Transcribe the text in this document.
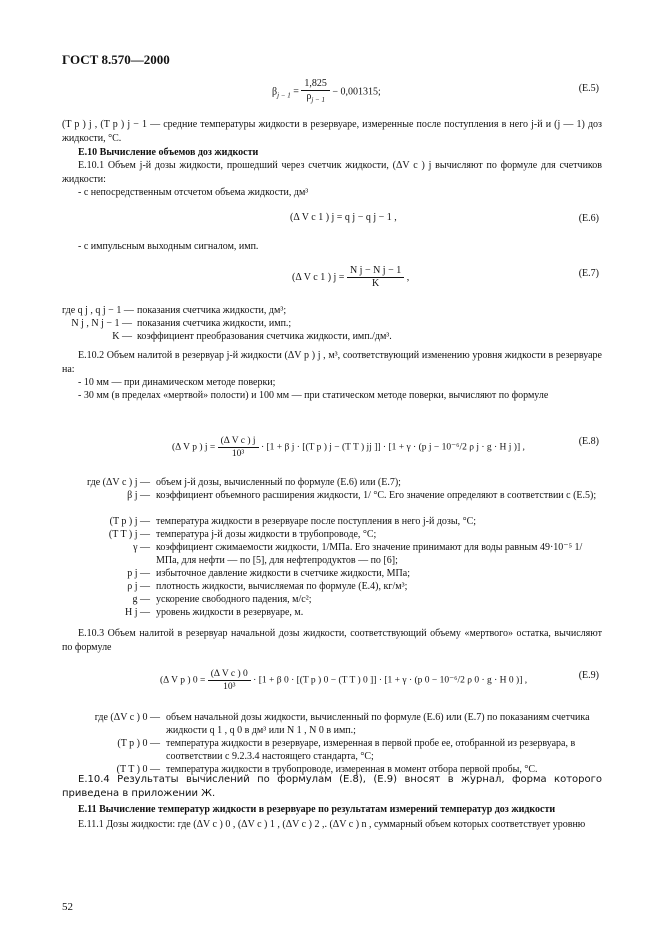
ГОСТ 8.570—2000
$\beta_{j - 1} = \frac{1,825}{\rho_{j - 1}} - 0,001315$;	(E.5)
(T p ) j , (T p ) j − 1 — средние температуры жидкости в резервуаре, измеренные после поступления в него j-й и (j — 1) доз жидкости, °С.
E.10 Вычисление объемов доз жидкости
Е.10.1 Объем j-й дозы жидкости, прошедший через счетчик жидкости, (ΔV c ) j вычисляют по формуле для счетчиков жидкости:
- с непосредственным отсчетом объема жидкости, дм³
(Δ V c 1 ) j = q j − q j − 1 ,	(E.6)
- с импульсным выходным сигналом, имп.
(Δ V c 1 ) $j = \frac{\text{N j − N j − 1}}{K}$ ,	(E.7)
где q j , q j − 1 — показания счетчика жидкости, дм³;
N j , N j − 1 — показания счетчика жидкости, имп.;
K — коэффициент преобразования счетчика жидкости, имп./дм³.
Е.10.2 Объем налитой в резервуар j-й жидкости (ΔV p ) j , м³, соответствующий изменению уровня жидкости в резервуаре на:
- 10 мм — при динамическом методе поверки;
- 30 мм (в пределах «мертвой» полости) и 100 мм — при статическом методе поверки, вычисляют по формуле
(Δ V p ) $j = \frac{\text{(Δ V c ) j}}{\text{10³}} \cdot [1 + \beta$ j · [(T p ) j − (T T ) jj ]] · [1 + γ · (p j − 10⁻⁶/2 ρ j · g · H j )] ,
(E.8)
где (ΔV c ) j — объем j-й дозы, вычисленный по формуле (E.6) или (E.7);
β j — коэффициент объемного расширения жидкости, 1/ °С. Его значение определяют в соответствии с (E.5);
(T p ) j — температура жидкости в резервуаре после поступления в него j-й дозы, °С;
(T T ) j — температура j-й дозы жидкости в трубопроводе, °С;
γ — коэффициент сжимаемости жидкости, 1/МПа. Его значение принимают для воды равным 49·10⁻⁵ 1/МПа, для нефти — по [5], для нефтепродуктов — по [6];
p j — избыточное давление жидкости в счетчике жидкости, МПа;
ρ j — плотность жидкости, вычисляемая по формуле (E.4), кг/м³;
g — ускорение свободного падения, м/с²;
H j — уровень жидкости в резервуаре, м.
Е.10.3 Объем налитой в резервуар начальной дозы жидкости, соответствующий объему «мертвого» остатка, вычисляют по формуле
(Δ V p ) $0 = \frac{\text{(Δ V c ) 0}}{\text{10³}} \cdot [1 + \beta$ 0 · [(T p ) 0 − (T T ) 0 ]] · [1 + γ · (p 0 − 10⁻⁶/2 ρ 0 · g · H 0 )] ,	(E.9)
где (ΔV c ) 0 — объем начальной дозы жидкости, вычисленный по формуле (E.6) или (E.7) по показаниям счетчика жидкости q 1 , q 0 в дм³ или N 1 , N 0 в имп.;
(T p ) 0 — температура жидкости в резервуаре, измеренная в первой пробе ее, отобранной из резервуара, в соответствии с 9.2.3.4 настоящего стандарта, °С;
(T T ) 0 — температура жидкости в трубопроводе, измеренная в момент отбора первой пробы, °С.
Е.10.4 Результаты вычислений по формулам (E.8), (E.9) вносят в журнал, форма которого приведена в приложении Ж.
E.11 Вычисление температур жидкости в резервуаре по результатам измерений температур доз жидкости
Е.11.1 Дозы жидкости: где (ΔV c ) 0 , (ΔV c ) 1 , (ΔV c ) 2 ,. (ΔV c ) n , суммарный объем которых соответствует уровню
52
